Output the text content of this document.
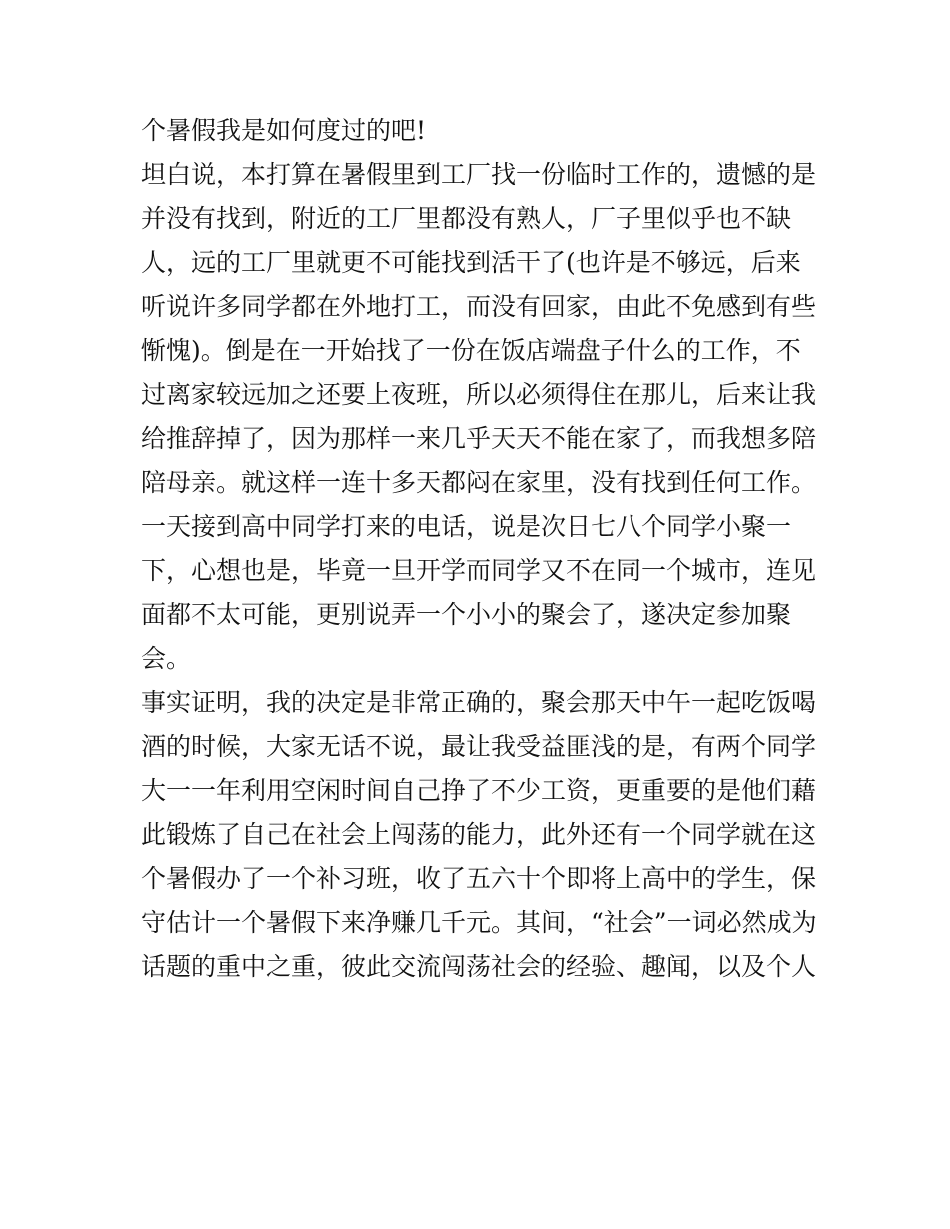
个暑假我是如何度过的吧!
坦白说，本打算在暑假里到工厂找一份临时工作的，遗憾的是
并没有找到，附近的工厂里都没有熟人，厂子里似乎也不缺
人，远的工厂里就更不可能找到活干了(也许是不够远，后来
听说许多同学都在外地打工，而没有回家，由此不免感到有些
惭愧)。倒是在一开始找了一份在饭店端盘子什么的工作，不
过离家较远加之还要上夜班，所以必须得住在那儿，后来让我
给推辞掉了，因为那样一来几乎天天不能在家了，而我想多陪
陪母亲。就这样一连十多天都闷在家里，没有找到任何工作。
一天接到高中同学打来的电话，说是次日七八个同学小聚一
下，心想也是，毕竟一旦开学而同学又不在同一个城市，连见
面都不太可能，更别说弄一个小小的聚会了，遂决定参加聚
会。
事实证明，我的决定是非常正确的，聚会那天中午一起吃饭喝
酒的时候，大家无话不说，最让我受益匪浅的是，有两个同学
大一一年利用空闲时间自己挣了不少工资，更重要的是他们藉
此锻炼了自己在社会上闯荡的能力，此外还有一个同学就在这
个暑假办了一个补习班，收了五六十个即将上高中的学生，保
守估计一个暑假下来净赚几千元。其间，“社会”一词必然成为
话题的重中之重，彼此交流闯荡社会的经验、趣闻，以及个人
